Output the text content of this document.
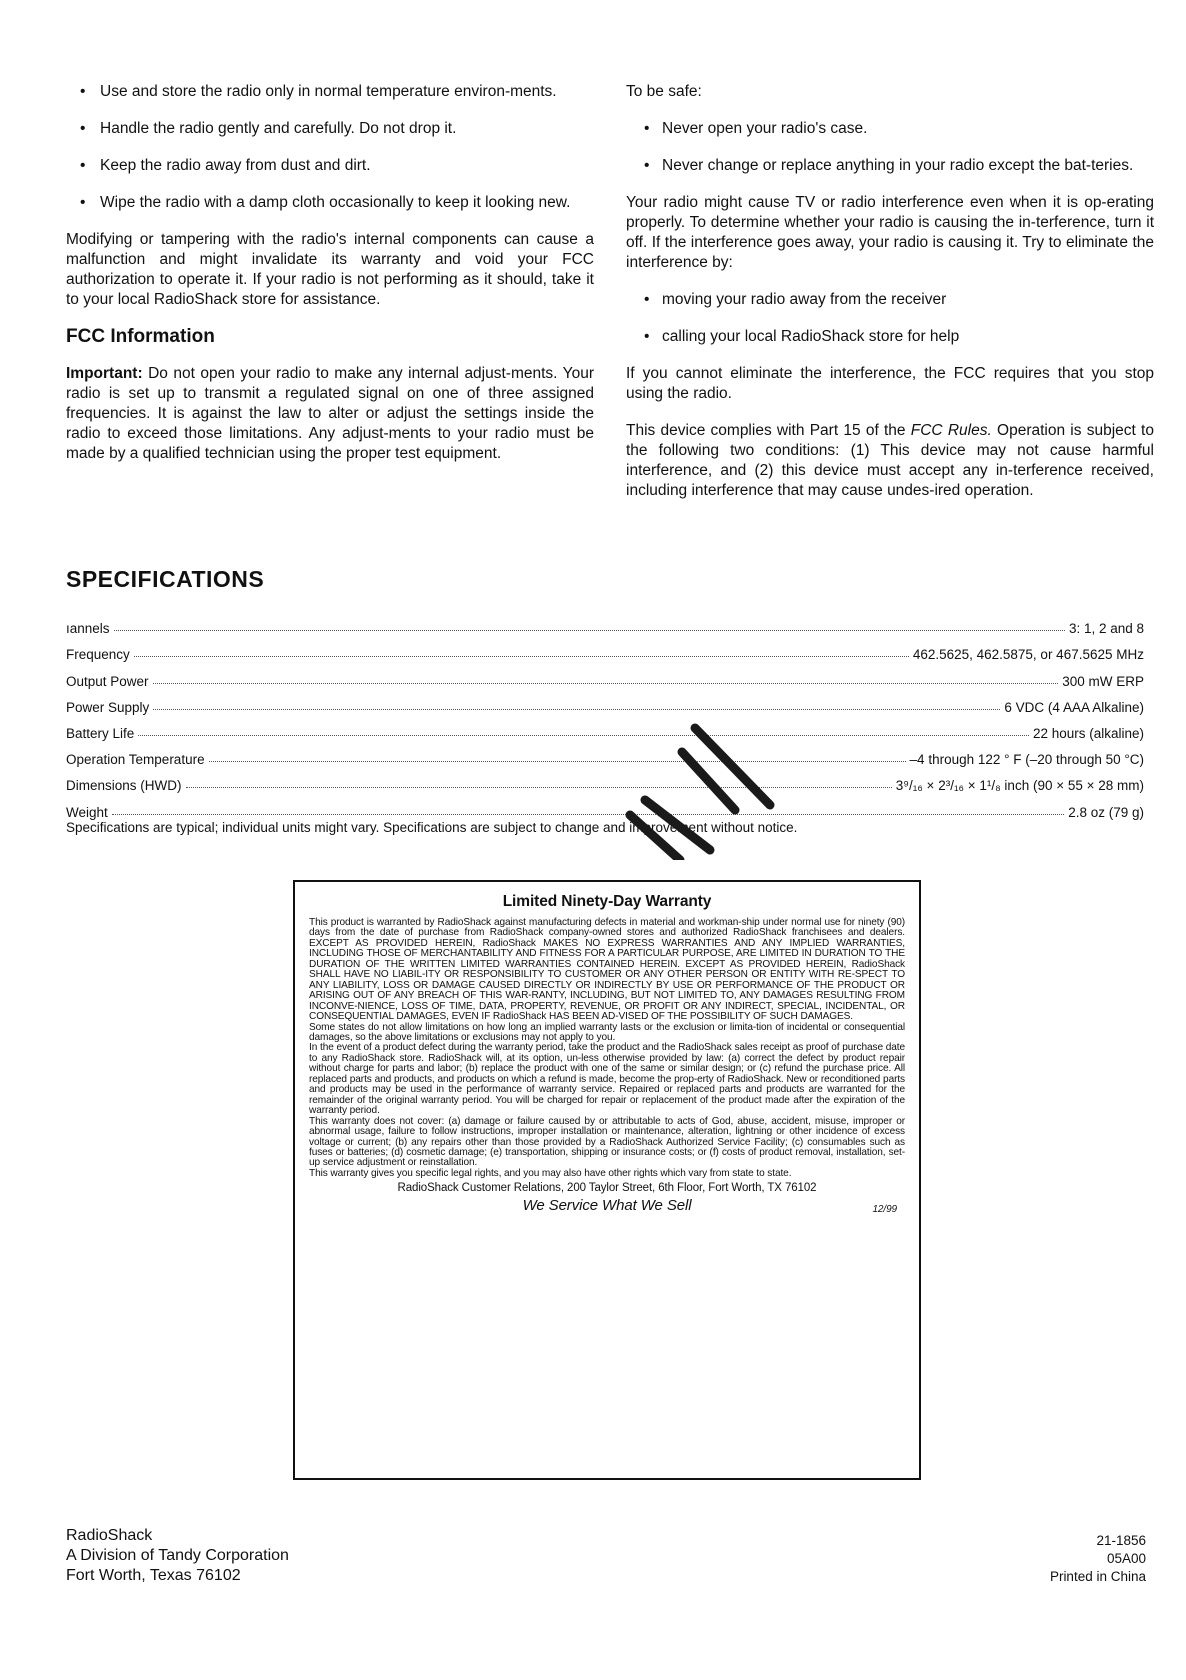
• Use and store the radio only in normal temperature environ-ments.
• Handle the radio gently and carefully. Do not drop it.
• Keep the radio away from dust and dirt.
• Wipe the radio with a damp cloth occasionally to keep it looking new.

Modifying or tampering with the radio's internal components can cause a malfunction and might invalidate its warranty and void your FCC authorization to operate it. If your radio is not performing as it should, take it to your local RadioShack store for assistance.

FCC Information

Important: Do not open your radio to make any internal adjust-ments. Your radio is set up to transmit a regulated signal on one of three assigned frequencies. It is against the law to alter or adjust the settings inside the radio to exceed those limitations. Any adjust-ments to your radio must be made by a qualified technician using the proper test equipment.

To be safe:

• Never open your radio's case.
• Never change or replace anything in your radio except the bat-teries.

Your radio might cause TV or radio interference even when it is op-erating properly. To determine whether your radio is causing the in-terference, turn it off. If the interference goes away, your radio is causing it. Try to eliminate the interference by:

• moving your radio away from the receiver
• calling your local RadioShack store for help

If you cannot eliminate the interference, the FCC requires that you stop using the radio.

This device complies with Part 15 of the FCC Rules. Operation is subject to the following two conditions: (1) This device may not cause harmful interference, and (2) this device must accept any in-terference received, including interference that may cause undes-ired operation.

SPECIFICATIONS
ıannels	3: 1, 2 and 8
Frequency	462.5625, 462.5875, or 467.5625 MHz
Output Power	300 mW ERP
Power Supply	6 VDC (4 AAA Alkaline)
Battery Life	22 hours (alkaline)
Operation Temperature	–4 through 122 ° F (–20 through 50 °C)
Dimensions (HWD)	3⁹/₁₆ × 2³/₁₆ × 1¹/₈ inch (90 × 55 × 28 mm)
Weight	2.8 oz (79 g)
Specifications are typical; individual units might vary. Specifications are subject to change and improvement without notice.
Limited Ninety-Day Warranty

This product is warranted by RadioShack against manufacturing defects in material and workman-ship under normal use for ninety (90) days from the date of purchase from RadioShack company-owned stores and authorized RadioShack franchisees and dealers. EXCEPT AS PROVIDED HEREIN, RadioShack MAKES NO EXPRESS WARRANTIES AND ANY IMPLIED WARRANTIES, INCLUDING THOSE OF MERCHANTABILITY AND FITNESS FOR A PARTICULAR PURPOSE, ARE LIMITED IN DURATION TO THE DURATION OF THE WRITTEN LIMITED WARRANTIES CONTAINED HEREIN. EXCEPT AS PROVIDED HEREIN, RadioShack SHALL HAVE NO LIABIL-ITY OR RESPONSIBILITY TO CUSTOMER OR ANY OTHER PERSON OR ENTITY WITH RE-SPECT TO ANY LIABILITY, LOSS OR DAMAGE CAUSED DIRECTLY OR INDIRECTLY BY USE OR PERFORMANCE OF THE PRODUCT OR ARISING OUT OF ANY BREACH OF THIS WAR-RANTY, INCLUDING, BUT NOT LIMITED TO, ANY DAMAGES RESULTING FROM INCONVE-NIENCE, LOSS OF TIME, DATA, PROPERTY, REVENUE, OR PROFIT OR ANY INDIRECT, SPECIAL, INCIDENTAL, OR CONSEQUENTIAL DAMAGES, EVEN IF RadioShack HAS BEEN AD-VISED OF THE POSSIBILITY OF SUCH DAMAGES.

Some states do not allow limitations on how long an implied warranty lasts or the exclusion or limita-tion of incidental or consequential damages, so the above limitations or exclusions may not apply to you.

In the event of a product defect during the warranty period, take the product and the RadioShack sales receipt as proof of purchase date to any RadioShack store. RadioShack will, at its option, un-less otherwise provided by law: (a) correct the defect by product repair without charge for parts and labor; (b) replace the product with one of the same or similar design; or (c) refund the purchase price. All replaced parts and products, and products on which a refund is made, become the prop-erty of RadioShack. New or reconditioned parts and products may be used in the performance of warranty service. Repaired or replaced parts and products are warranted for the remainder of the original warranty period. You will be charged for repair or replacement of the product made after the expiration of the warranty period.

This warranty does not cover: (a) damage or failure caused by or attributable to acts of God, abuse, accident, misuse, improper or abnormal usage, failure to follow instructions, improper installation or maintenance, alteration, lightning or other incidence of excess voltage or current; (b) any repairs other than those provided by a RadioShack Authorized Service Facility; (c) consumables such as fuses or batteries; (d) cosmetic damage; (e) transportation, shipping or insurance costs; or (f) costs of product removal, installation, set-up service adjustment or reinstallation.

This warranty gives you specific legal rights, and you may also have other rights which vary from state to state.

RadioShack Customer Relations, 200 Taylor Street, 6th Floor, Fort Worth, TX 76102
We Service What We Sell	12/99
RadioShack
A Division of Tandy Corporation
Fort Worth, Texas 76102
21-1856
05A00
Printed in China
